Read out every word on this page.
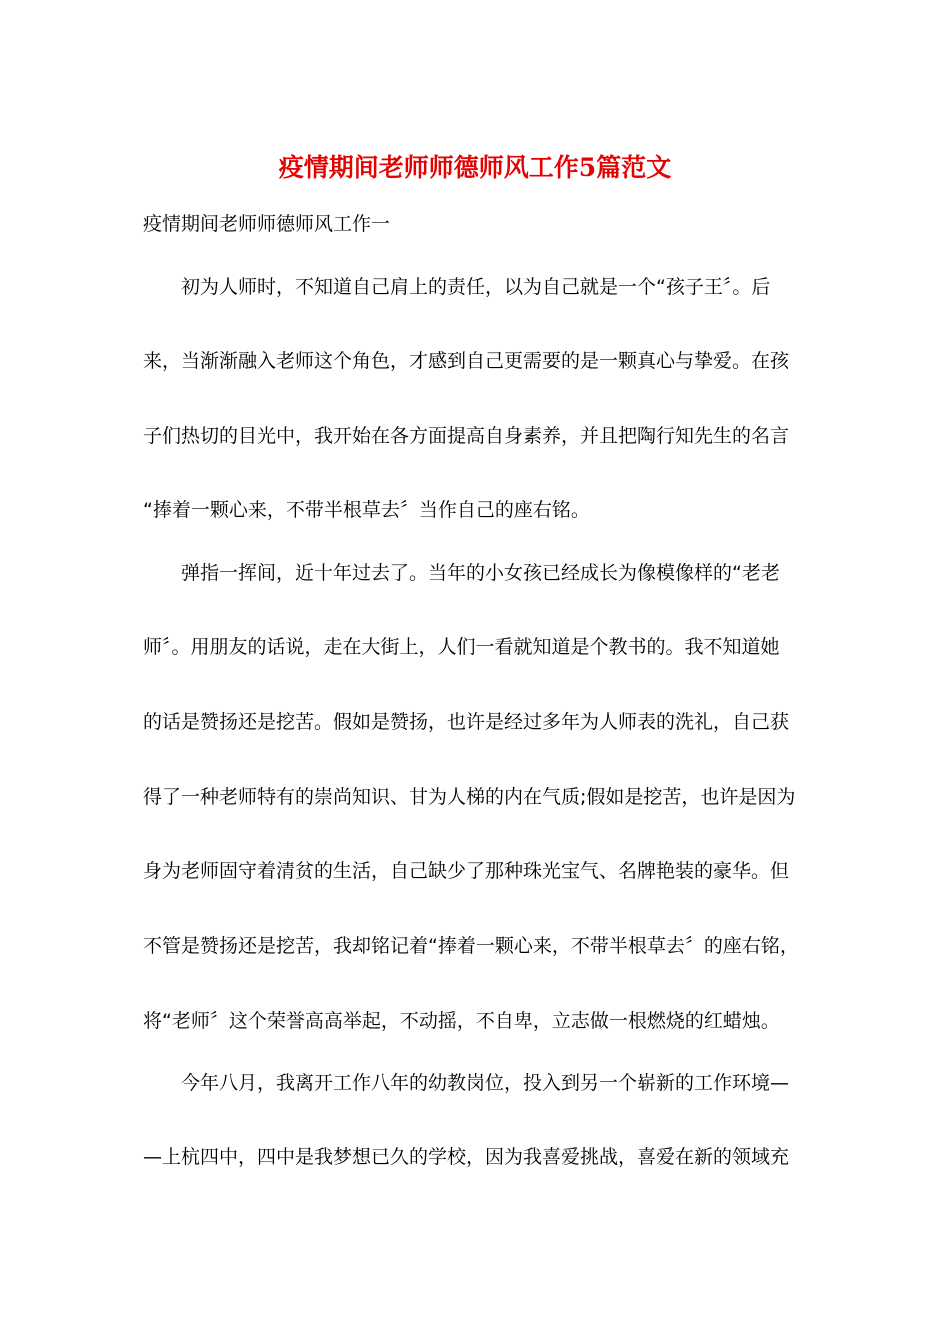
疫情期间老师师德师风工作5篇范文
疫情期间老师师德师风工作一
初为人师时，不知道自己肩上的责任，以为自己就是一个“孩子王〞。后
来，当渐渐融入老师这个角色，才感到自己更需要的是一颗真心与挚爱。在孩
子们热切的目光中，我开始在各方面提高自身素养，并且把陶行知先生的名言
“捧着一颗心来，不带半根草去〞当作自己的座右铭。
弹指一挥间，近十年过去了。当年的小女孩已经成长为像模像样的“老老
师〞。用朋友的话说，走在大街上，人们一看就知道是个教书的。我不知道她
的话是赞扬还是挖苦。假如是赞扬，也许是经过多年为人师表的洗礼，自己获
得了一种老师特有的崇尚知识、甘为人梯的内在气质;假如是挖苦，也许是因为
身为老师固守着清贫的生活，自己缺少了那种珠光宝气、名牌艳装的豪华。但
不管是赞扬还是挖苦，我却铭记着“捧着一颗心来，不带半根草去〞的座右铭，
将“老师〞这个荣誉高高举起，不动摇，不自卑，立志做一根燃烧的红蜡烛。
今年八月，我离开工作八年的幼教岗位，投入到另一个崭新的工作环境—
—上杭四中，四中是我梦想已久的学校，因为我喜爱挑战，喜爱在新的领域充
